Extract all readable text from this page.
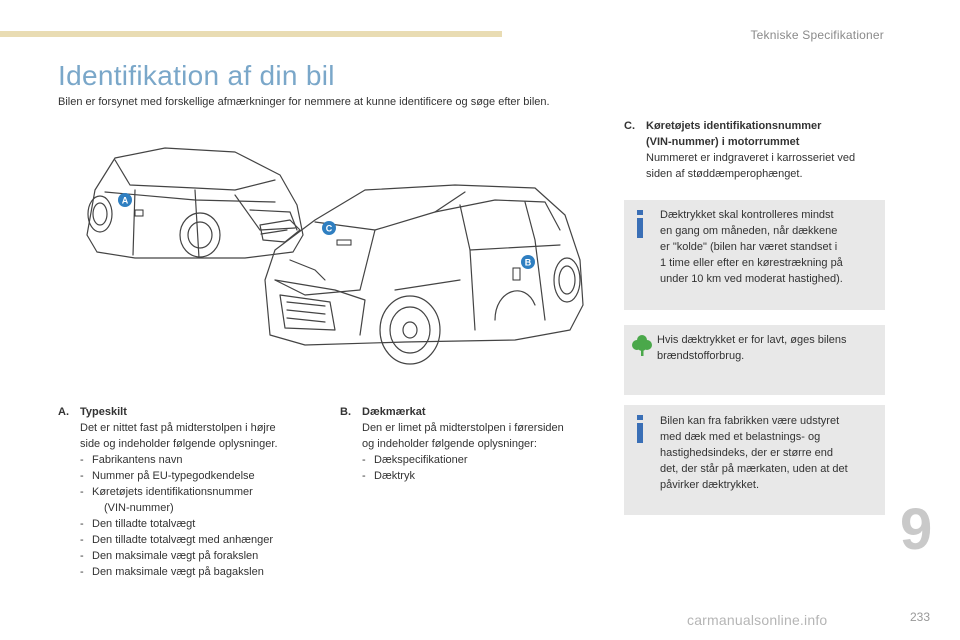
Tekniske Specifikationer
Identifikation af din bil
Bilen er forsynet med forskellige afmærkninger for nemmere at kunne identificere og søge efter bilen.
A
B
C
A. Typeskilt
Det er nittet fast på midterstolpen i højre
side og indeholder følgende oplysninger.
- Fabrikantens navn
- Nummer på EU-typegodkendelse
- Køretøjets identifikationsnummer
(VIN-nummer)
- Den tilladte totalvægt
- Den tilladte totalvægt med anhænger
- Den maksimale vægt på forakslen
- Den maksimale vægt på bagakslen
B. Dækmærkat
Den er limet på midterstolpen i førersiden
og indeholder følgende oplysninger:
- Dækspecifikationer
- Dæktryk
C. Køretøjets identifikationsnummer
(VIN-nummer) i motorrummet
Nummeret er indgraveret i karrosseriet ved
siden af støddæmperophænget.
Dæktrykket skal kontrolleres mindst
en gang om måneden, når dækkene
er "kolde" (bilen har været standset i
1 time eller efter en kørestrækning på
under 10 km ved moderat hastighed).
Hvis dæktrykket er for lavt, øges bilens
brændstofforbrug.
Bilen kan fra fabrikken være udstyret
med dæk med et belastnings- og
hastighedsindeks, der er større end
det, der står på mærkaten, uden at det
påvirker dæktrykket.
9
233
carmanualsonline.info
